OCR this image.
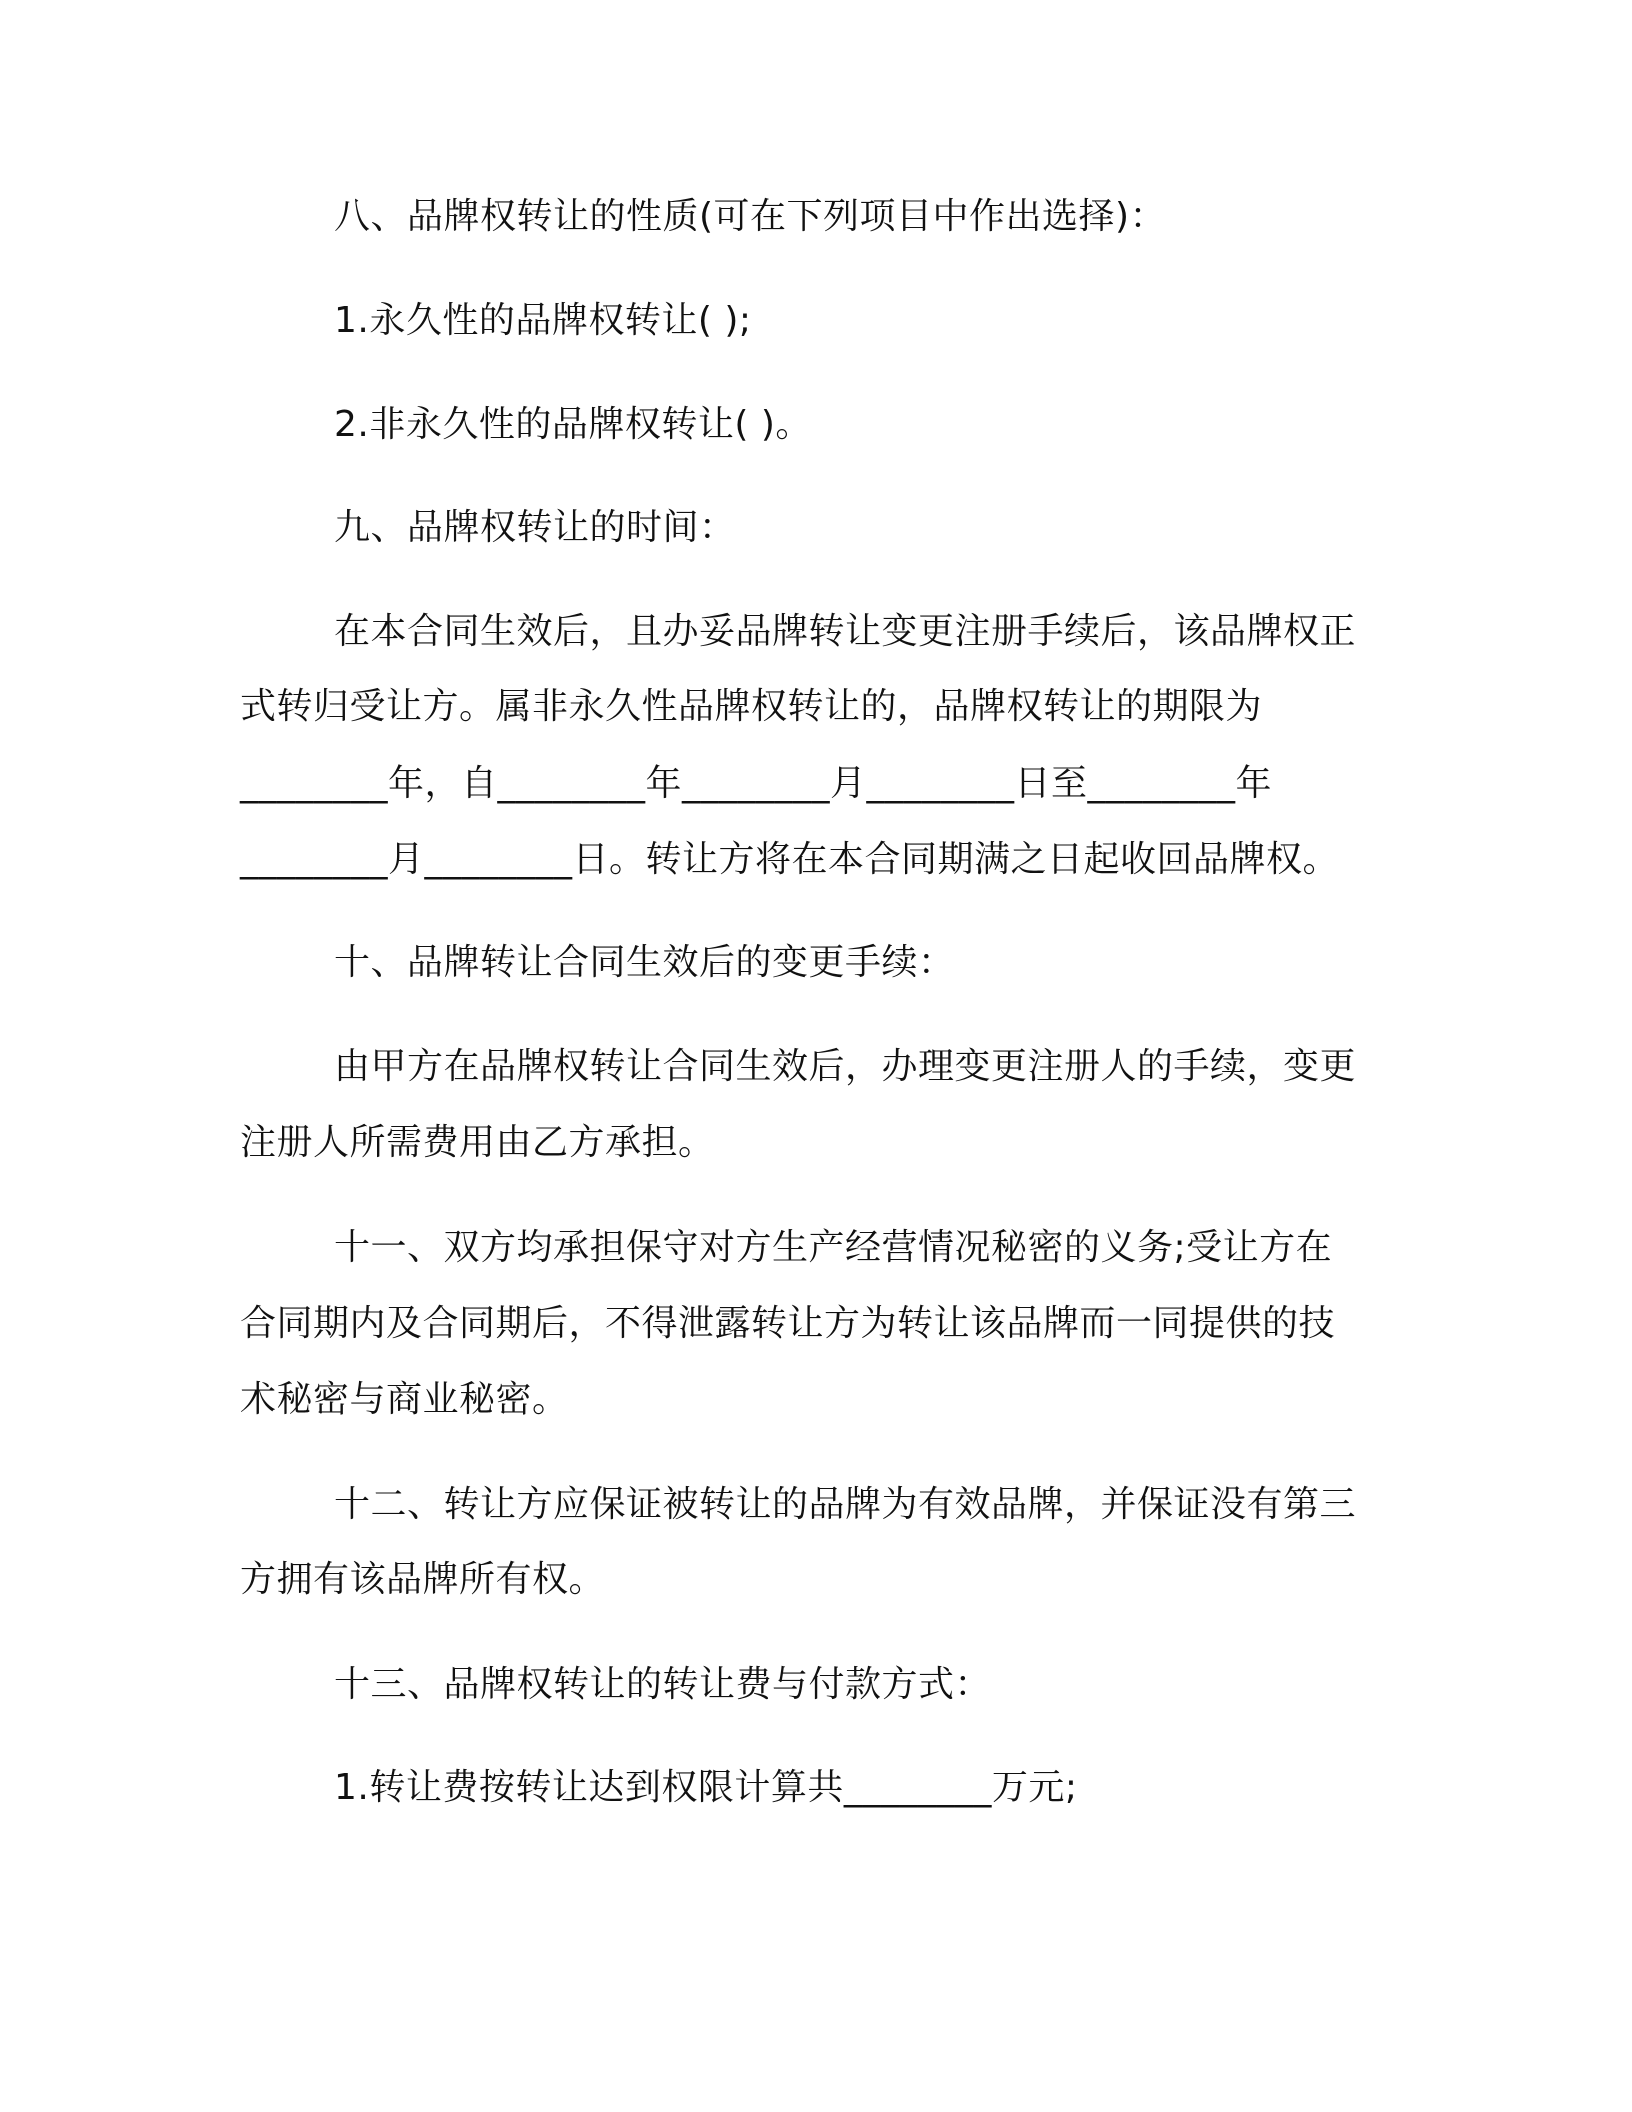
八、品牌权转让的性质(可在下列项目中作出选择)：
1.永久性的品牌权转让( );
2.非永久性的品牌权转让( )。
九、品牌权转让的时间：
在本合同生效后，且办妥品牌转让变更注册手续后，该品牌权正
式转归受让方。属非永久性品牌权转让的，品牌权转让的期限为
________年，自________年________月________日至________年
________月________日。转让方将在本合同期满之日起收回品牌权。
十、品牌转让合同生效后的变更手续：
由甲方在品牌权转让合同生效后，办理变更注册人的手续，变更
注册人所需费用由乙方承担。
十一、双方均承担保守对方生产经营情况秘密的义务;受让方在
合同期内及合同期后，不得泄露转让方为转让该品牌而一同提供的技
术秘密与商业秘密。
十二、转让方应保证被转让的品牌为有效品牌，并保证没有第三
方拥有该品牌所有权。
十三、品牌权转让的转让费与付款方式：
1.转让费按转让达到权限计算共________万元;
